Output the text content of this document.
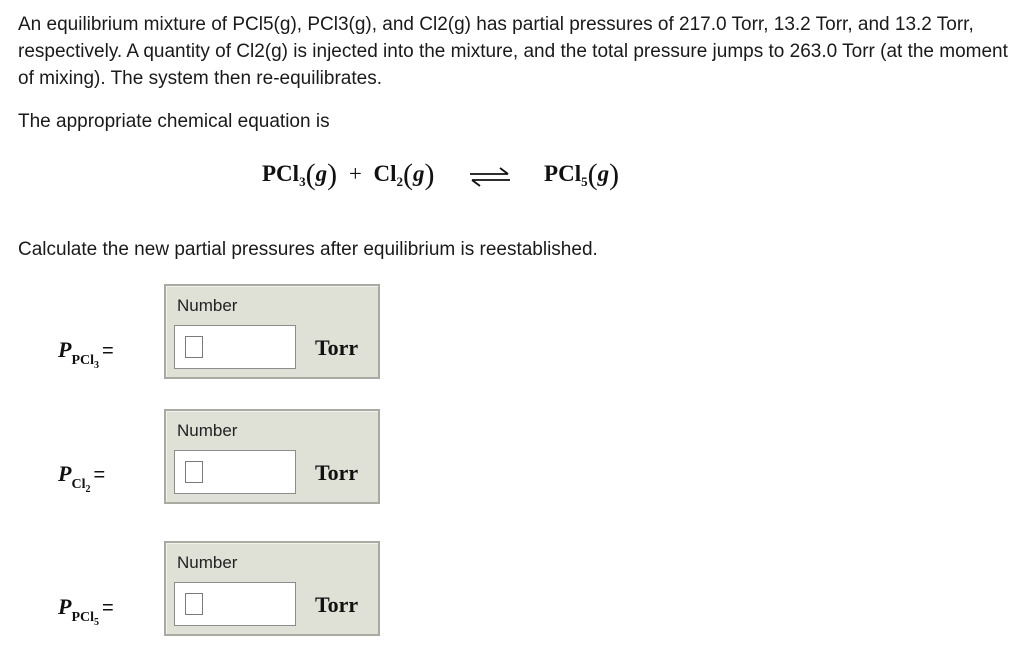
An equilibrium mixture of PCl5(g), PCl3(g), and Cl2(g) has partial pressures of 217.0 Torr, 13.2 Torr, and 13.2 Torr, respectively. A quantity of Cl2(g) is injected into the mixture, and the total pressure jumps to 263.0 Torr (at the moment of mixing). The system then re-equilibrates.

The appropriate chemical equation is

$PCl_3(g) + Cl_2(g)$ ⇌ PCl$_5$(g)

Calculate the new partial pressures after equilibrium is reestablished.

$P_{PCl_3}=$
Number
Torr
$P_{Cl_2}=$
Number
Torr
$P_{PCl_5}=$
Number
Torr
